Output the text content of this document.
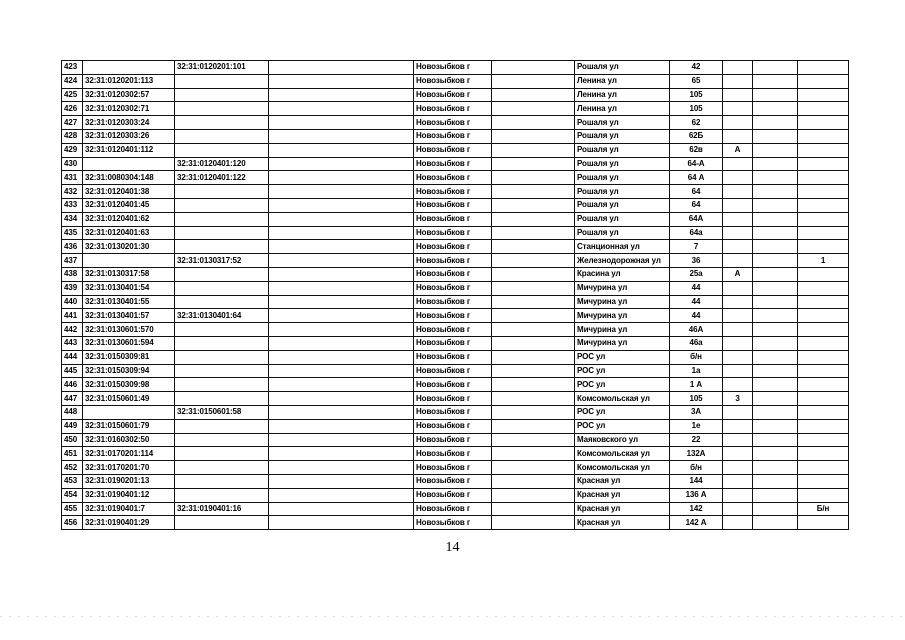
423		32:31:0120201:101		Новозыбков г		Рошаля ул	42			
424	32:31:0120201:113			Новозыбков г		Ленина ул	65			
425	32:31:0120302:57			Новозыбков г		Ленина ул	105			
426	32:31:0120302:71			Новозыбков г		Ленина ул	105			
427	32:31:0120303:24			Новозыбков г		Рошаля ул	62			
428	32:31:0120303:26			Новозыбков г		Рошаля ул	62Б			
429	32:31:0120401:112			Новозыбков г		Рошаля ул	62в	А		
430		32:31:0120401:120		Новозыбков г		Рошаля ул	64-А			
431	32:31:0080304:148	32:31:0120401:122		Новозыбков г		Рошаля ул	64 А			
432	32:31:0120401:38			Новозыбков г		Рошаля ул	64			
433	32:31:0120401:45			Новозыбков г		Рошаля ул	64			
434	32:31:0120401:62			Новозыбков г		Рошаля ул	64А			
435	32:31:0120401:63			Новозыбков г		Рошаля ул	64а			
436	32:31:0130201:30			Новозыбков г		Станционная ул	7			
437		32:31:0130317:52		Новозыбков г		Железнодорожная ул	36			1
438	32:31:0130317:58			Новозыбков г		Красина ул	25а	А		
439	32:31:0130401:54			Новозыбков г		Мичурина ул	44			
440	32:31:0130401:55			Новозыбков г		Мичурина ул	44			
441	32:31:0130401:57	32:31:0130401:64		Новозыбков г		Мичурина ул	44			
442	32:31:0130601:570			Новозыбков г		Мичурина ул	46А			
443	32:31:0130601:594			Новозыбков г		Мичурина ул	46а			
444	32:31:0150309:81			Новозыбков г		РОС ул	б/н			
445	32:31:0150309:94			Новозыбков г		РОС ул	1а			
446	32:31:0150309:98			Новозыбков г		РОС ул	1 А			
447	32:31:0150601:49			Новозыбков г		Комсомольская ул	105	3		
448		32:31:0150601:58		Новозыбков г		РОС ул	3А			
449	32:31:0150601:79			Новозыбков г		РОС ул	1е			
450	32:31:0160302:50			Новозыбков г		Маяковского ул	22			
451	32:31:0170201:114			Новозыбков г		Комсомольская ул	132А			
452	32:31:0170201:70			Новозыбков г		Комсомольская ул	б/н			
453	32:31:0190201:13			Новозыбков г		Красная ул	144			
454	32:31:0190401:12			Новозыбков г		Красная ул	136 А			
455	32:31:0190401:7	32:31:0190401:16		Новозыбков г		Красная ул	142			Б/н
456	32:31:0190401:29			Новозыбков г		Красная ул	142 А			
14
